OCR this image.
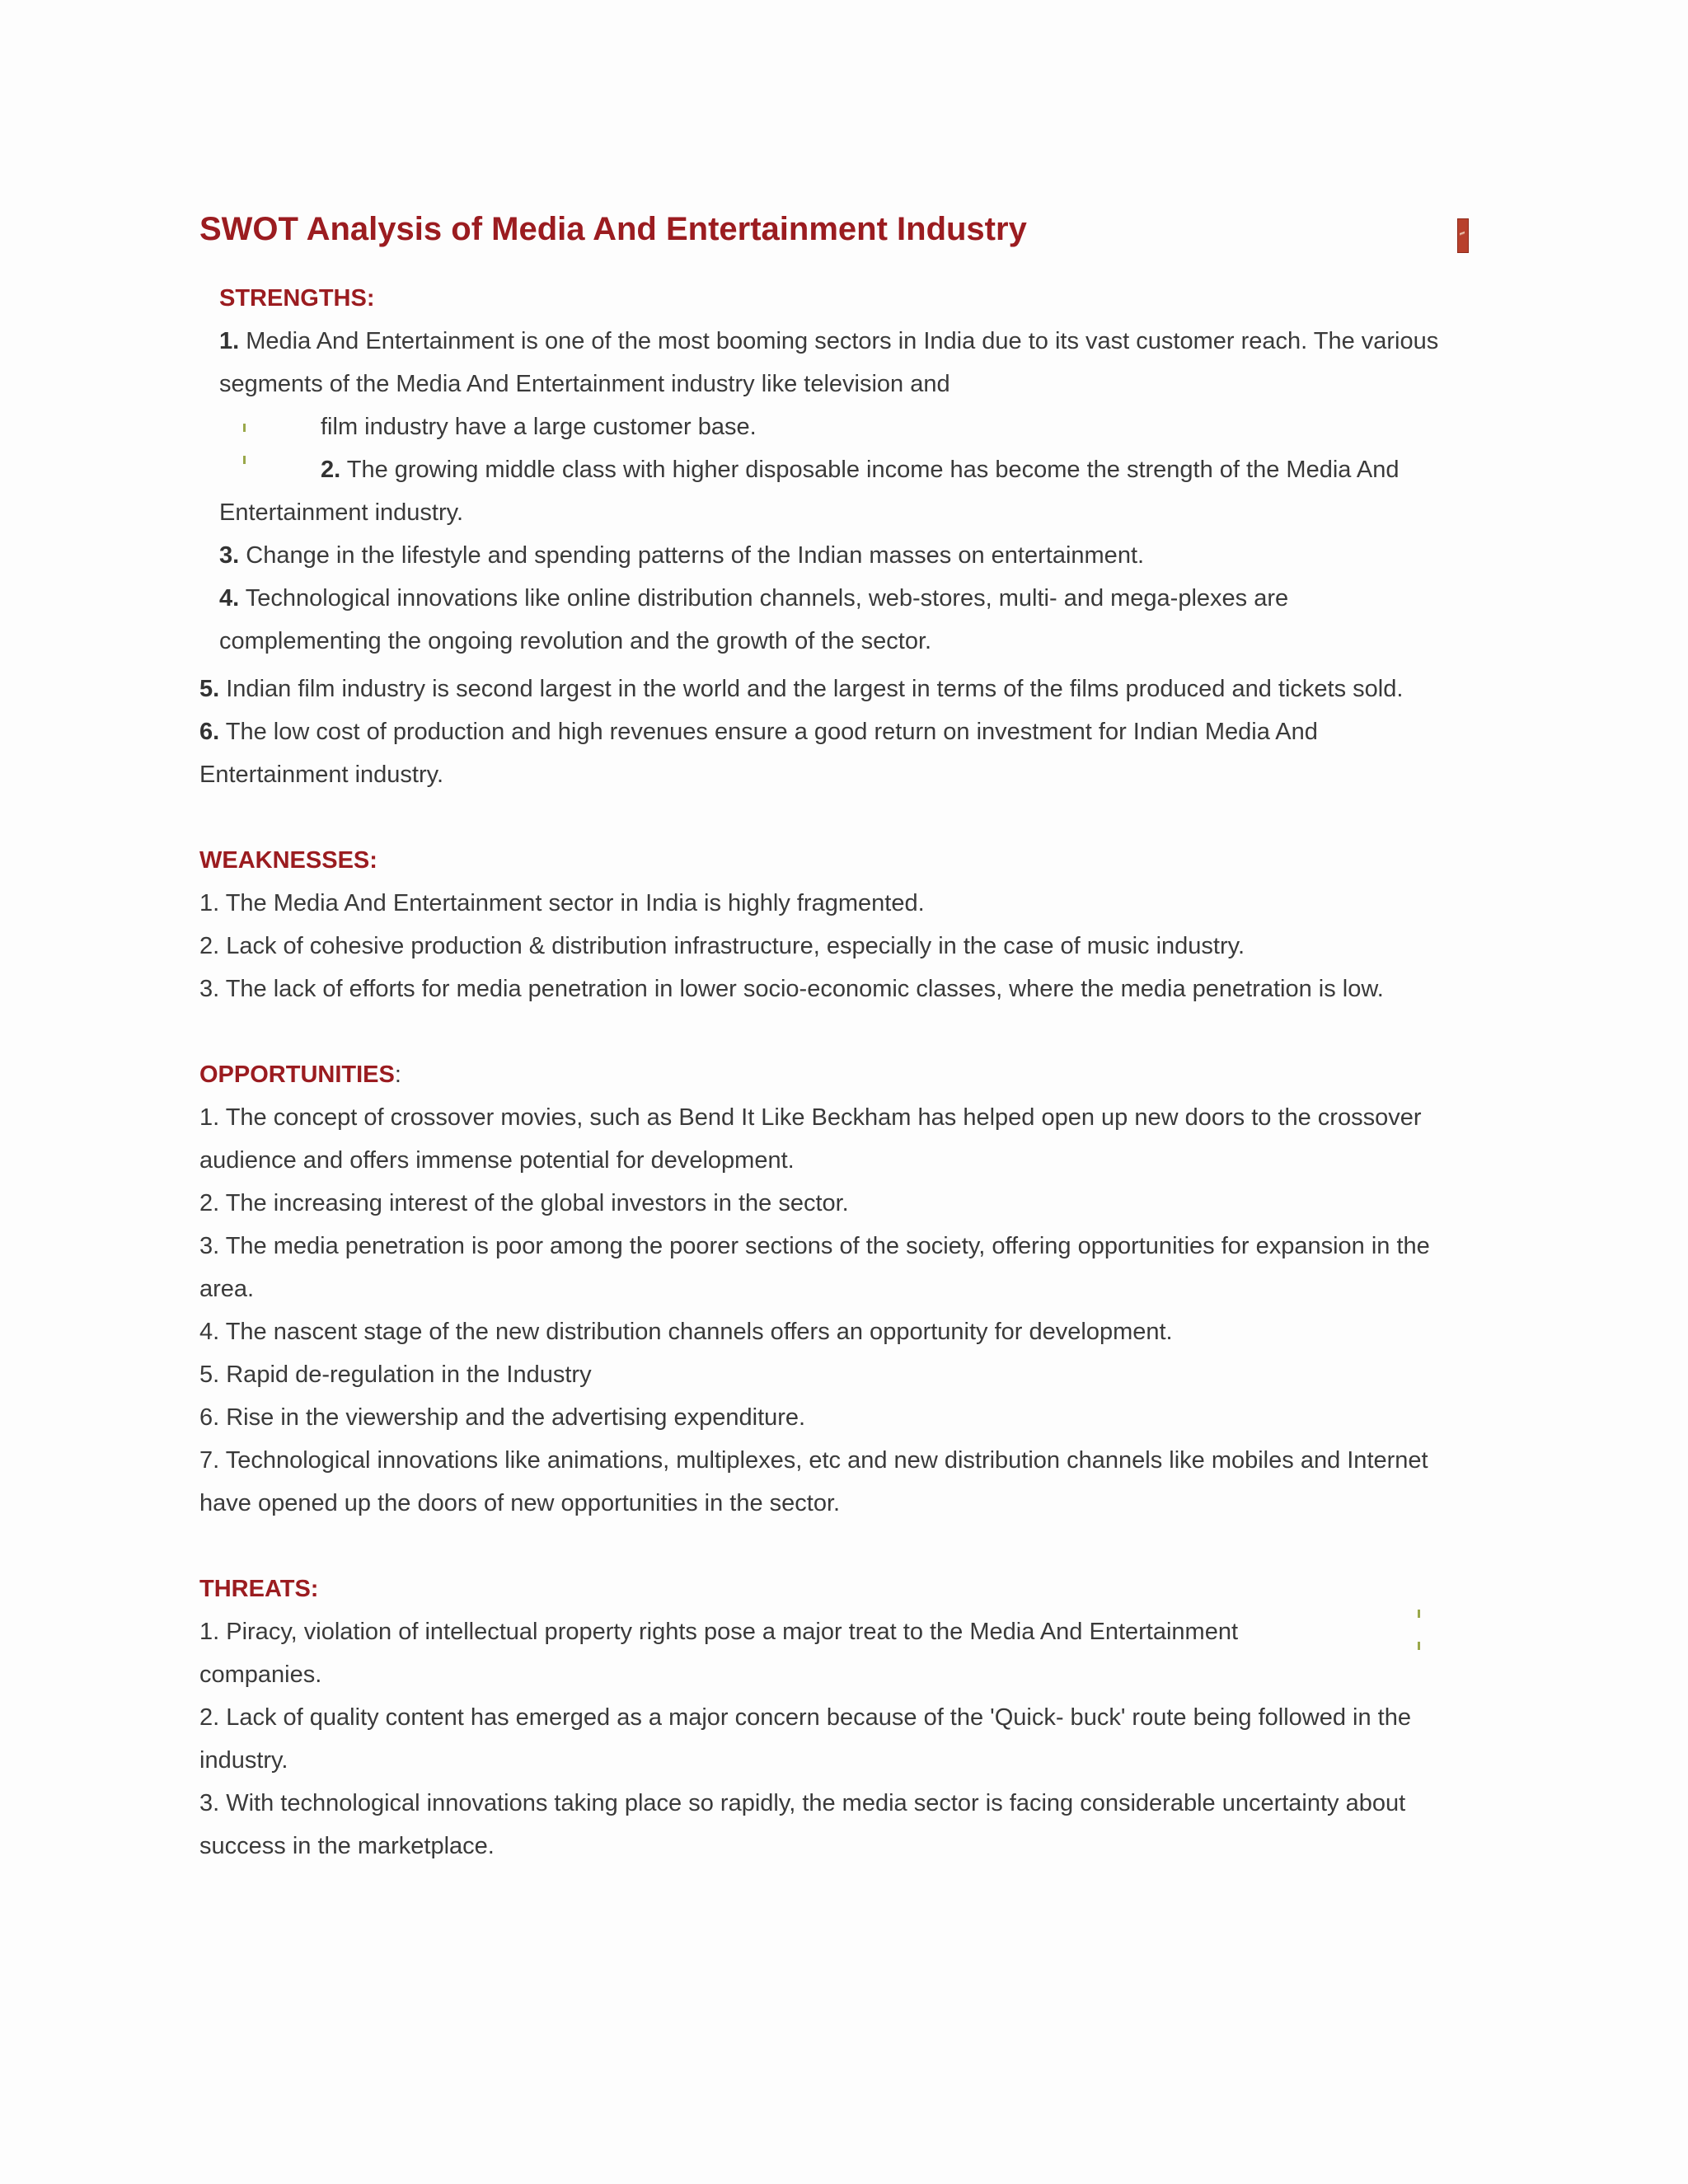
SWOT Analysis of Media And Entertainment Industry
STRENGTHS:
1. Media And Entertainment is one of the most booming sectors in India due to its vast customer reach. The various
segments of the Media And Entertainment industry like television and
film industry have a large customer base.
2. The growing middle class with higher disposable income has become the strength of the Media And
Entertainment industry.
3. Change in the lifestyle and spending patterns of the Indian masses on entertainment.
4. Technological innovations like online distribution channels, web-stores, multi- and mega-plexes are
complementing the ongoing revolution and the growth of the sector.
5. Indian film industry is second largest in the world and the largest in terms of the films produced and tickets sold.
6. The low cost of production and high revenues ensure a good return on investment for Indian Media And
Entertainment industry.
WEAKNESSES:
1. The Media And Entertainment sector in India is highly fragmented.
2. Lack of cohesive production & distribution infrastructure, especially in the case of music industry.
3. The lack of efforts for media penetration in lower socio-economic classes, where the media penetration is low.
OPPORTUNITIES:
1. The concept of crossover movies, such as Bend It Like Beckham has helped open up new doors to the crossover
audience and offers immense potential for development.
2. The increasing interest of the global investors in the sector.
3. The media penetration is poor among the poorer sections of the society, offering opportunities for expansion in the
area.
4. The nascent stage of the new distribution channels offers an opportunity for development.
5. Rapid de-regulation in the Industry
6. Rise in the viewership and the advertising expenditure.
7. Technological innovations like animations, multiplexes, etc and new distribution channels like mobiles and Internet
have opened up the doors of new opportunities in the sector.
THREATS:
1. Piracy, violation of intellectual property rights pose a major treat to the Media And Entertainment
companies.
2. Lack of quality content has emerged as a major concern because of the 'Quick- buck' route being followed in the
industry.
3. With technological innovations taking place so rapidly, the media sector is facing considerable uncertainty about
success in the marketplace.
